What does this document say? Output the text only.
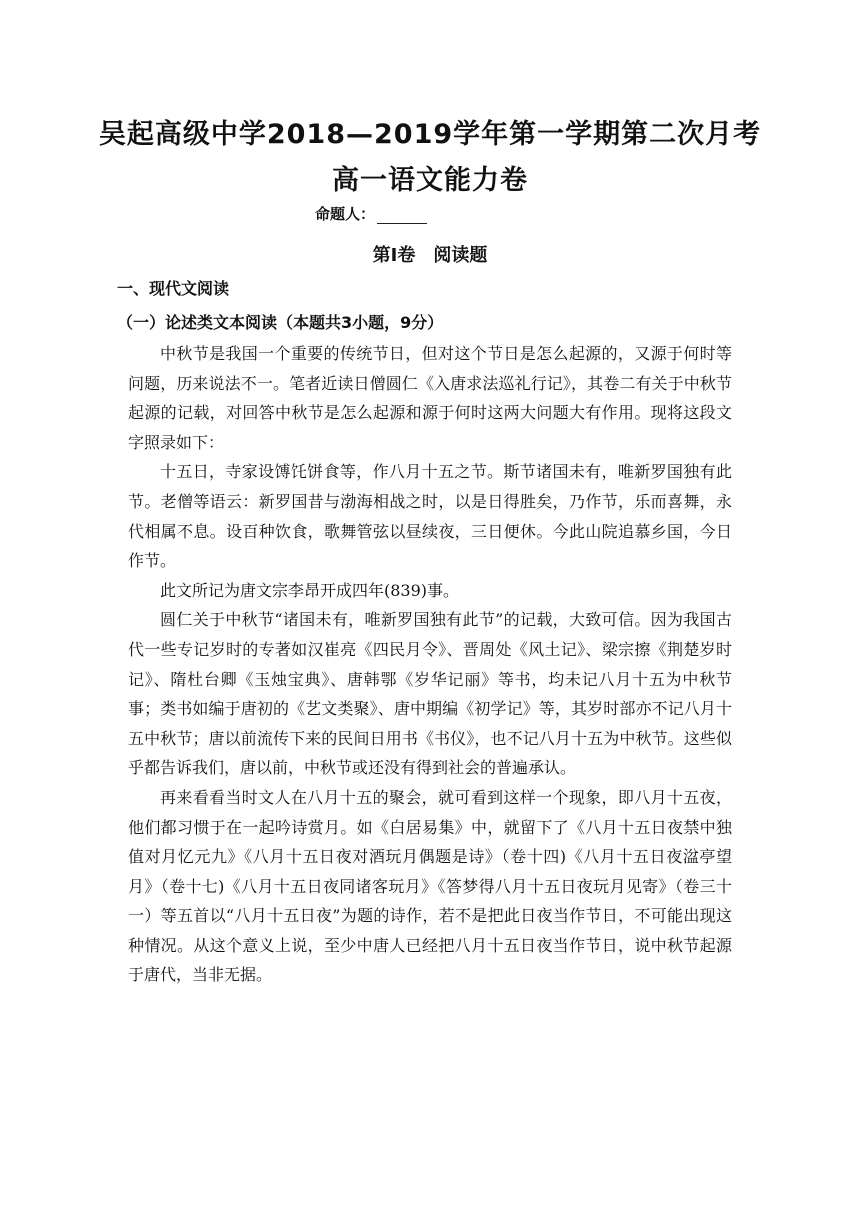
吴起高级中学2018—2019学年第一学期第二次月考
高一语文能力卷
命题人：
第Ⅰ卷　阅读题
一、现代文阅读
（一）论述类文本阅读（本题共3小题，9分）

中秋节是我国一个重要的传统节日，但对这个节日是怎么起源的，又源于何时等问题，历来说法不一。笔者近读日僧圆仁《入唐求法巡礼行记》，其卷二有关于中秋节起源的记载，对回答中秋节是怎么起源和源于何时这两大问题大有作用。现将这段文字照录如下：

十五日，寺家设馎饦饼食等，作八月十五之节。斯节诸国未有，唯新罗国独有此节。老僧等语云：新罗国昔与渤海相战之时，以是日得胜矣，乃作节，乐而喜舞，永代相属不息。设百种饮食，歌舞管弦以昼续夜，三日便休。今此山院追慕乡国，今日作节。

此文所记为唐文宗李昂开成四年(839)事。

圆仁关于中秋节“诸国未有，唯新罗国独有此节”的记载，大致可信。因为我国古代一些专记岁时的专著如汉崔亮《四民月令》、晋周处《风土记》、梁宗擦《荆楚岁时记》、隋杜台卿《玉烛宝典》、唐韩鄂《岁华记丽》等书，均未记八月十五为中秋节事；类书如编于唐初的《艺文类聚》、唐中期编《初学记》等，其岁时部亦不记八月十五中秋节；唐以前流传下来的民间日用书《书仪》，也不记八月十五为中秋节。这些似乎都告诉我们，唐以前，中秋节或还没有得到社会的普遍承认。

再来看看当时文人在八月十五的聚会，就可看到这样一个现象，即八月十五夜，他们都习惯于在一起吟诗赏月。如《白居易集》中，就留下了《八月十五日夜禁中独值对月忆元九》《八月十五日夜对酒玩月偶题是诗》（卷十四)《八月十五日夜湓亭望月》（卷十七)《八月十五日夜同诸客玩月》《答梦得八月十五日夜玩月见寄》（卷三十一）等五首以“八月十五日夜”为题的诗作，若不是把此日夜当作节日，不可能出现这种情况。从这个意义上说，至少中唐人已经把八月十五日夜当作节日，说中秋节起源于唐代，当非无据。
